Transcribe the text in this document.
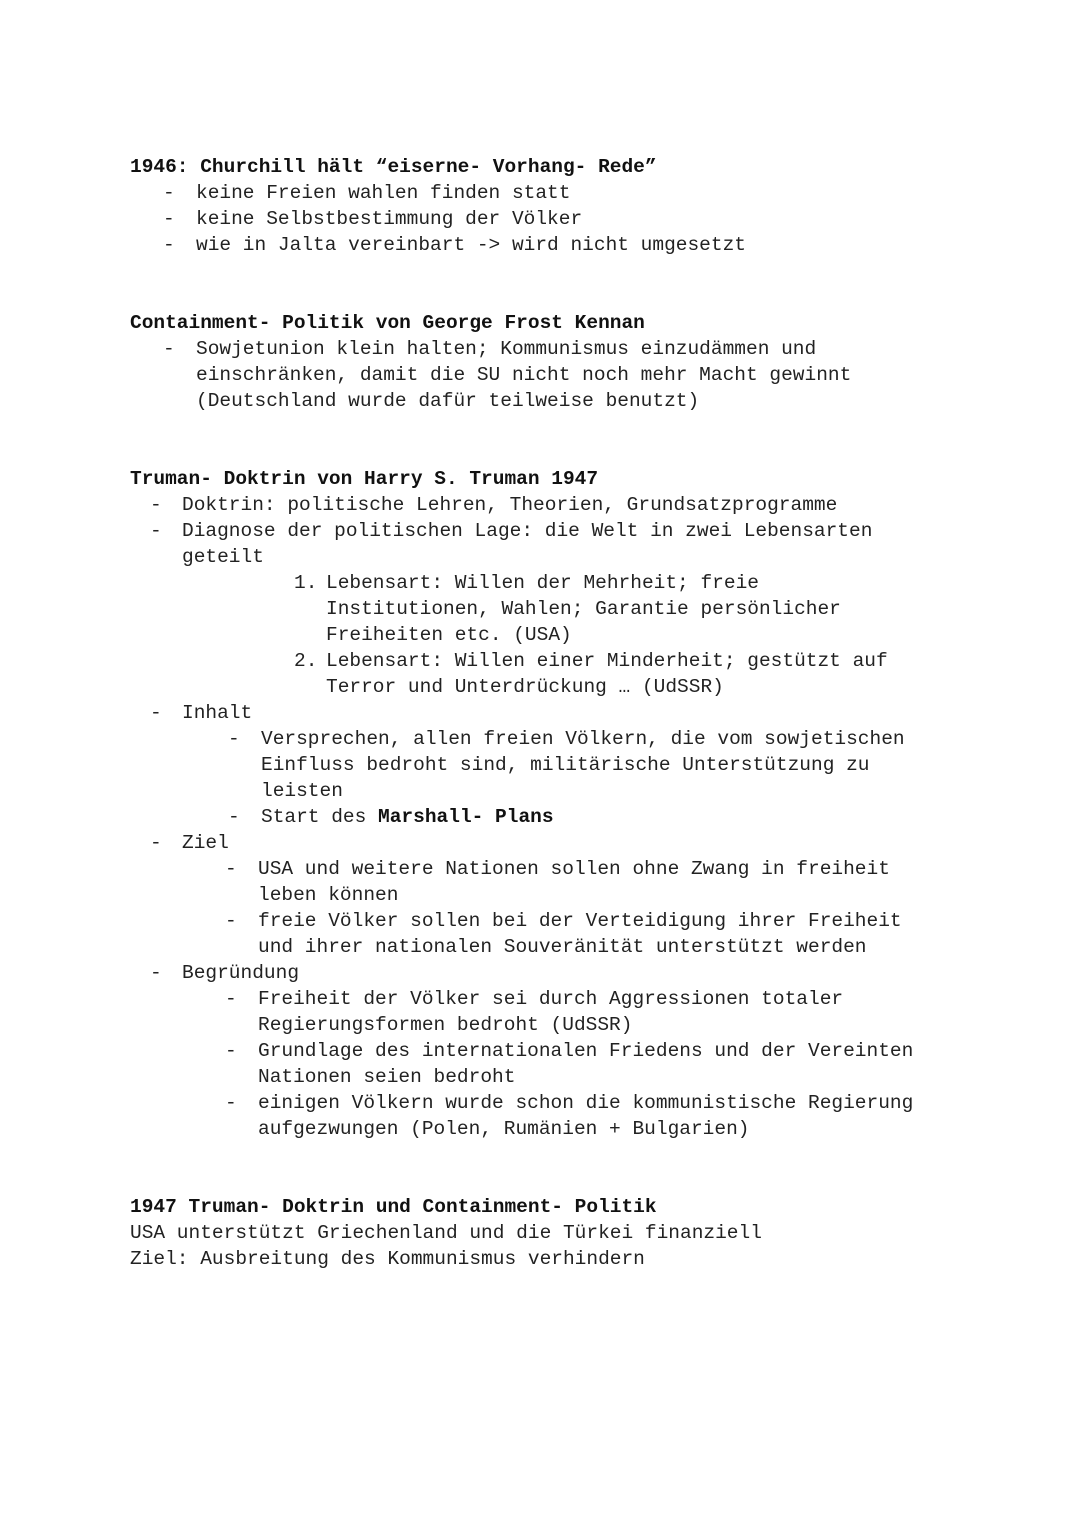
1946: Churchill hält “eiserne- Vorhang- Rede”
- keine Freien wahlen finden statt
- keine Selbstbestimmung der Völker
- wie in Jalta vereinbart -> wird nicht umgesetzt
Containment- Politik von George Frost Kennan
- Sowjetunion klein halten; Kommunismus einzudämmen und
einschränken, damit die SU nicht noch mehr Macht gewinnt
(Deutschland wurde dafür teilweise benutzt)
Truman- Doktrin von Harry S. Truman 1947
- Doktrin: politische Lehren, Theorien, Grundsatzprogramme
- Diagnose der politischen Lage: die Welt in zwei Lebensarten
geteilt
1. Lebensart: Willen der Mehrheit; freie
Institutionen, Wahlen; Garantie persönlicher
Freiheiten etc. (USA)
2. Lebensart: Willen einer Minderheit; gestützt auf
Terror und Unterdrückung … (UdSSR)
- Inhalt
- Versprechen, allen freien Völkern, die vom sowjetischen
Einfluss bedroht sind, militärische Unterstützung zu
leisten
- Start des Marshall- Plans
- Ziel
- USA und weitere Nationen sollen ohne Zwang in freiheit
leben können
- freie Völker sollen bei der Verteidigung ihrer Freiheit
und ihrer nationalen Souveränität unterstützt werden
- Begründung
- Freiheit der Völker sei durch Aggressionen totaler
Regierungsformen bedroht (UdSSR)
- Grundlage des internationalen Friedens und der Vereinten
Nationen seien bedroht
- einigen Völkern wurde schon die kommunistische Regierung
aufgezwungen (Polen, Rumänien + Bulgarien)
1947 Truman- Doktrin und Containment- Politik
USA unterstützt Griechenland und die Türkei finanziell
Ziel: Ausbreitung des Kommunismus verhindern
